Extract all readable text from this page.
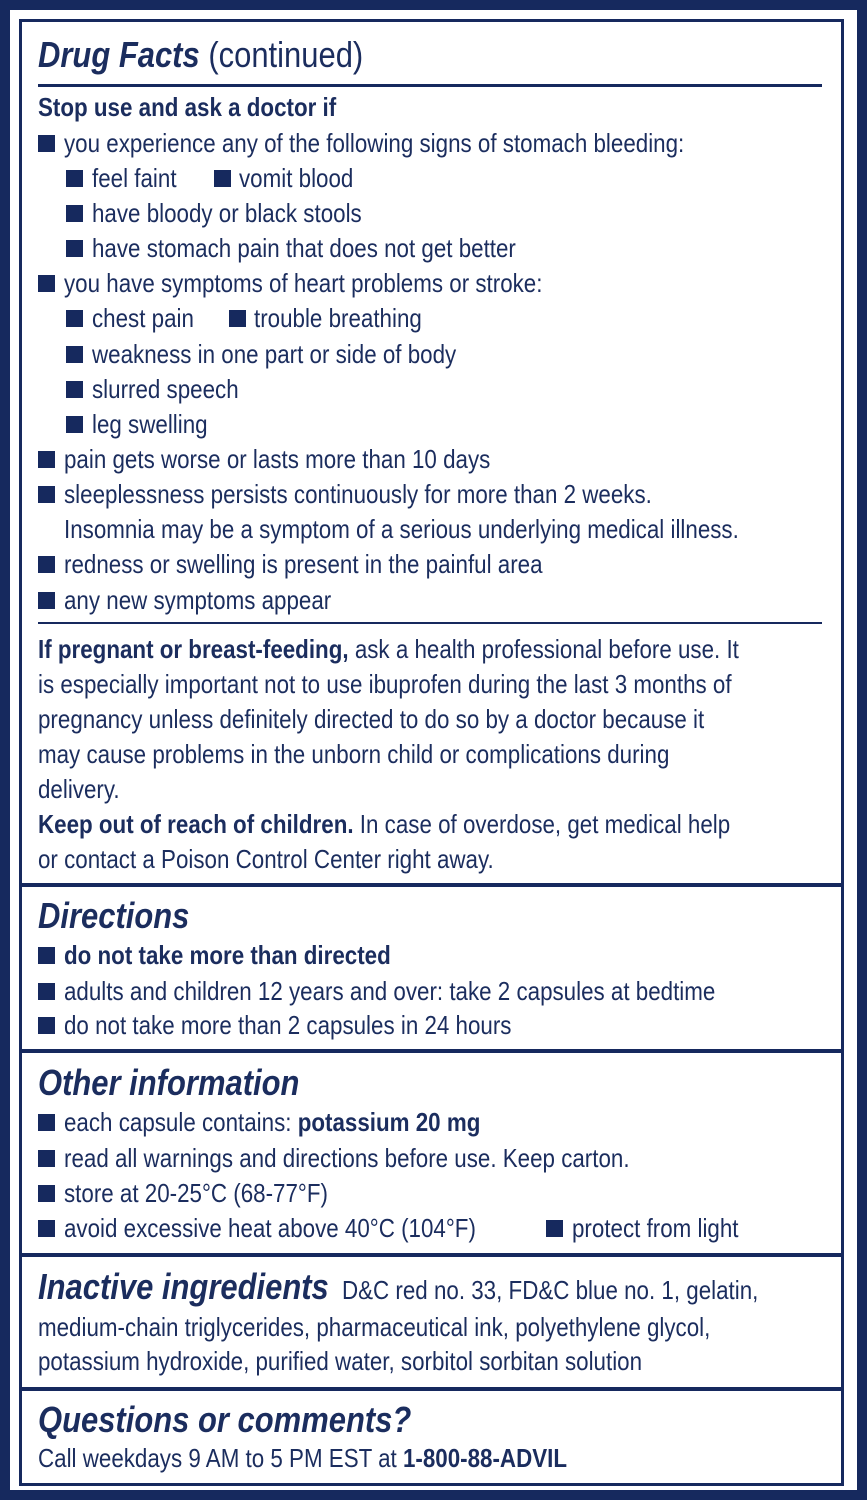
Drug Facts (continued)
Stop use and ask a doctor if
you experience any of the following signs of stomach bleeding:
feel faint vomit blood
have bloody or black stools
have stomach pain that does not get better
you have symptoms of heart problems or stroke:
chest pain trouble breathing
weakness in one part or side of body
slurred speech
leg swelling
pain gets worse or lasts more than 10 days
sleeplessness persists continuously for more than 2 weeks.
Insomnia may be a symptom of a serious underlying medical illness.
redness or swelling is present in the painful area
any new symptoms appear
If pregnant or breast-feeding, ask a health professional before use. It
is especially important not to use ibuprofen during the last 3 months of
pregnancy unless definitely directed to do so by a doctor because it
may cause problems in the unborn child or complications during
delivery.
Keep out of reach of children. In case of overdose, get medical help
or contact a Poison Control Center right away.
Directions
do not take more than directed
adults and children 12 years and over: take 2 capsules at bedtime
do not take more than 2 capsules in 24 hours
Other information
each capsule contains: potassium 20 mg
read all warnings and directions before use. Keep carton.
store at 20-25°C (68-77°F)
avoid excessive heat above 40°C (104°F)	protect from light
Inactive ingredients D&C red no. 33, FD&C blue no. 1, gelatin,
medium-chain triglycerides, pharmaceutical ink, polyethylene glycol,
potassium hydroxide, purified water, sorbitol sorbitan solution
Questions or comments?
Call weekdays 9 AM to 5 PM EST at 1-800-88-ADVIL
